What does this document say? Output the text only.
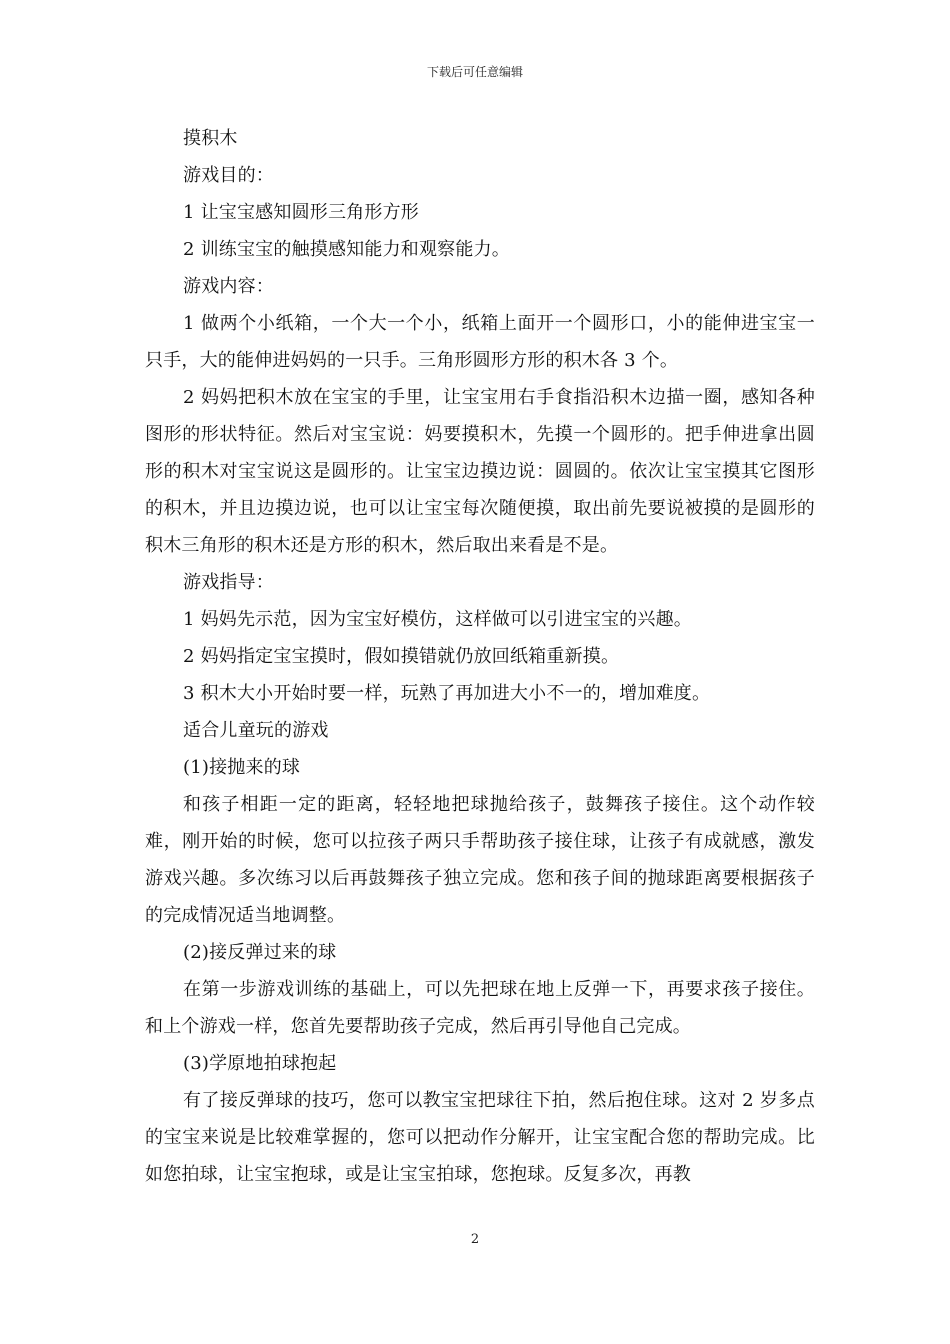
下载后可任意编辑

摸积木

游戏目的：

1 让宝宝感知圆形三角形方形

2 训练宝宝的触摸感知能力和观察能力。

游戏内容：

1 做两个小纸箱，一个大一个小，纸箱上面开一个圆形口，小的能伸进宝宝一只手，大的能伸进妈妈的一只手。三角形圆形方形的积木各 3 个。

2 妈妈把积木放在宝宝的手里，让宝宝用右手食指沿积木边描一圈，感知各种图形的形状特征。然后对宝宝说：妈要摸积木，先摸一个圆形的。把手伸进拿出圆形的积木对宝宝说这是圆形的。让宝宝边摸边说：圆圆的。依次让宝宝摸其它图形的积木，并且边摸边说，也可以让宝宝每次随便摸，取出前先要说被摸的是圆形的积木三角形的积木还是方形的积木，然后取出来看是不是。

游戏指导：

1 妈妈先示范，因为宝宝好模仿，这样做可以引进宝宝的兴趣。

2 妈妈指定宝宝摸时，假如摸错就仍放回纸箱重新摸。

3 积木大小开始时要一样，玩熟了再加进大小不一的，增加难度。

适合儿童玩的游戏

(1)接抛来的球

和孩子相距一定的距离，轻轻地把球抛给孩子，鼓舞孩子接住。这个动作较难，刚开始的时候，您可以拉孩子两只手帮助孩子接住球，让孩子有成就感，激发游戏兴趣。多次练习以后再鼓舞孩子独立完成。您和孩子间的抛球距离要根据孩子的完成情况适当地调整。

(2)接反弹过来的球

在第一步游戏训练的基础上，可以先把球在地上反弹一下，再要求孩子接住。和上个游戏一样，您首先要帮助孩子完成，然后再引导他自己完成。

(3)学原地拍球抱起

有了接反弹球的技巧，您可以教宝宝把球往下拍，然后抱住球。这对 2 岁多点的宝宝来说是比较难掌握的，您可以把动作分解开，让宝宝配合您的帮助完成。比如您拍球，让宝宝抱球，或是让宝宝拍球，您抱球。反复多次，再教

2
